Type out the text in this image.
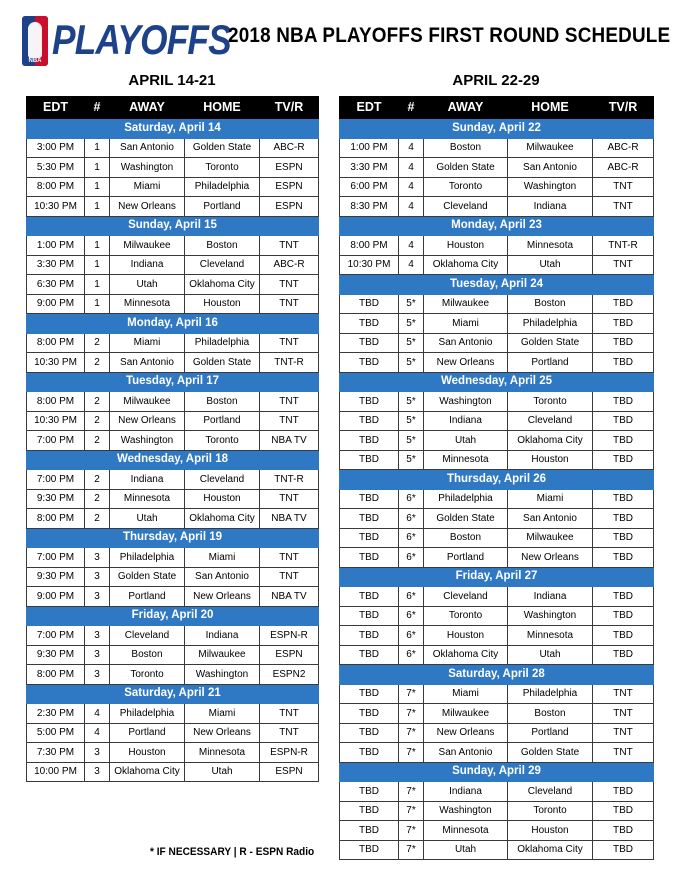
NBA PLAYOFFS
2018 NBA PLAYOFFS FIRST ROUND SCHEDULE
APRIL 14-21	APRIL 22-29
EDT	#	AWAY	HOME	TV/R
Saturday, April 14				
3:00 PM	1	San Antonio	Golden State	ABC-R
5:30 PM	1	Washington	Toronto	ESPN
8:00 PM	1	Miami	Philadelphia	ESPN
10:30 PM	1	New Orleans	Portland	ESPN
Sunday, April 15				
1:00 PM	1	Milwaukee	Boston	TNT
3:30 PM	1	Indiana	Cleveland	ABC-R
6:30 PM	1	Utah	Oklahoma City	TNT
9:00 PM	1	Minnesota	Houston	TNT
Monday, April 16				
8:00 PM	2	Miami	Philadelphia	TNT
10:30 PM	2	San Antonio	Golden State	TNT-R
Tuesday, April 17				
8:00 PM	2	Milwaukee	Boston	TNT
10:30 PM	2	New Orleans	Portland	TNT
7:00 PM	2	Washington	Toronto	NBA TV
Wednesday, April 18				
7:00 PM	2	Indiana	Cleveland	TNT-R
9:30 PM	2	Minnesota	Houston	TNT
8:00 PM	2	Utah	Oklahoma City	NBA TV
Thursday, April 19				
7:00 PM	3	Philadelphia	Miami	TNT
9:30 PM	3	Golden State	San Antonio	TNT
9:00 PM	3	Portland	New Orleans	NBA TV
Friday, April 20				
7:00 PM	3	Cleveland	Indiana	ESPN-R
9:30 PM	3	Boston	Milwaukee	ESPN
8:00 PM	3	Toronto	Washington	ESPN2
Saturday, April 21				
2:30 PM	4	Philadelphia	Miami	TNT
5:00 PM	4	Portland	New Orleans	TNT
7:30 PM	3	Houston	Minnesota	ESPN-R
10:00 PM	3	Oklahoma City	Utah	ESPN
EDT	#	AWAY	HOME	TV/R
Sunday, April 22				
1:00 PM	4	Boston	Milwaukee	ABC-R
3:30 PM	4	Golden State	San Antonio	ABC-R
6:00 PM	4	Toronto	Washington	TNT
8:30 PM	4	Cleveland	Indiana	TNT
Monday, April 23				
8:00 PM	4	Houston	Minnesota	TNT-R
10:30 PM	4	Oklahoma City	Utah	TNT
Tuesday, April 24				
TBD	5*	Milwaukee	Boston	TBD
TBD	5*	Miami	Philadelphia	TBD
TBD	5*	San Antonio	Golden State	TBD
TBD	5*	New Orleans	Portland	TBD
Wednesday, April 25				
TBD	5*	Washington	Toronto	TBD
TBD	5*	Indiana	Cleveland	TBD
TBD	5*	Utah	Oklahoma City	TBD
TBD	5*	Minnesota	Houston	TBD
Thursday, April 26				
TBD	6*	Philadelphia	Miami	TBD
TBD	6*	Golden State	San Antonio	TBD
TBD	6*	Boston	Milwaukee	TBD
TBD	6*	Portland	New Orleans	TBD
Friday, April 27				
TBD	6*	Cleveland	Indiana	TBD
TBD	6*	Toronto	Washington	TBD
TBD	6*	Houston	Minnesota	TBD
TBD	6*	Oklahoma City	Utah	TBD
Saturday, April 28				
TBD	7*	Miami	Philadelphia	TNT
TBD	7*	Milwaukee	Boston	TNT
TBD	7*	New Orleans	Portland	TNT
TBD	7*	San Antonio	Golden State	TNT
Sunday, April 29				
TBD	7*	Indiana	Cleveland	TBD
TBD	7*	Washington	Toronto	TBD
TBD	7*	Minnesota	Houston	TBD
TBD	7*	Utah	Oklahoma City	TBD
* IF NECESSARY | R - ESPN Radio
